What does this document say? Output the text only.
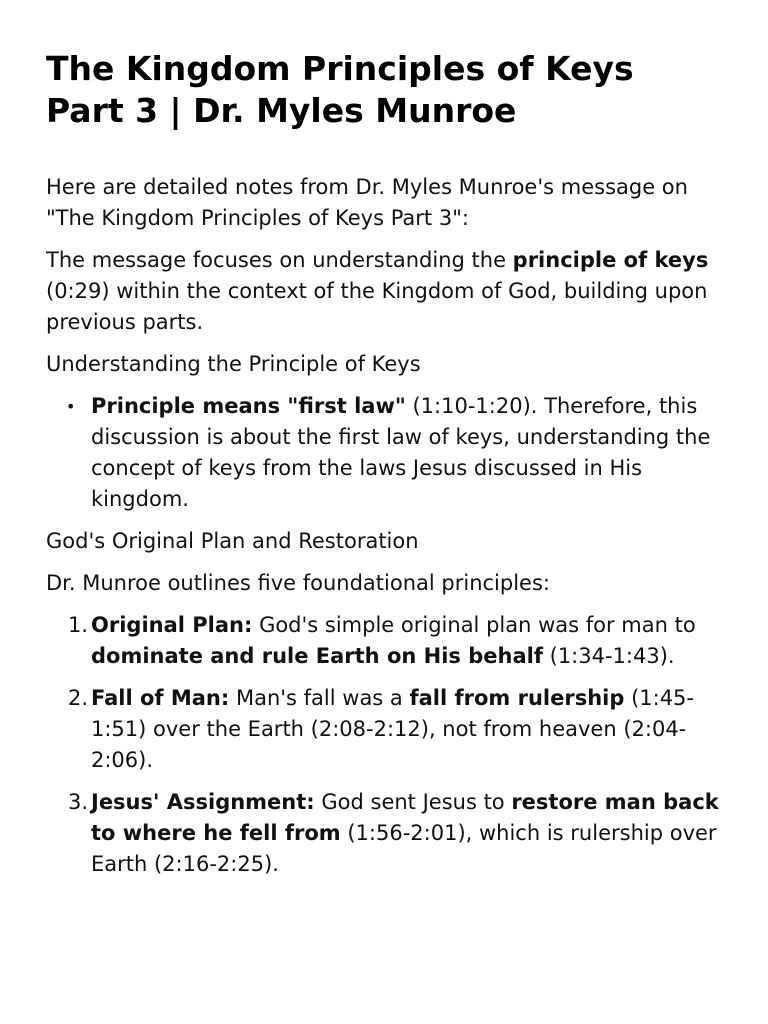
The Kingdom Principles of Keys Part 3 | Dr. Myles Munroe

Here are detailed notes from Dr. Myles Munroe's message on "The Kingdom Principles of Keys Part 3":

The message focuses on understanding the principle of keys (0:29) within the context of the Kingdom of God, building upon previous parts.

Understanding the Principle of Keys

• Principle means "first law" (1:10-1:20). Therefore, this discussion is about the first law of keys, understanding the concept of keys from the laws Jesus discussed in His kingdom.

God's Original Plan and Restoration

Dr. Munroe outlines five foundational principles:

1. Original Plan: God's simple original plan was for man to dominate and rule Earth on His behalf (1:34-1:43).
2. Fall of Man: Man's fall was a fall from rulership (1:45-1:51) over the Earth (2:08-2:12), not from heaven (2:04-2:06).
3. Jesus' Assignment: God sent Jesus to restore man back to where he fell from (1:56-2:01), which is rulership over Earth (2:16-2:25).
